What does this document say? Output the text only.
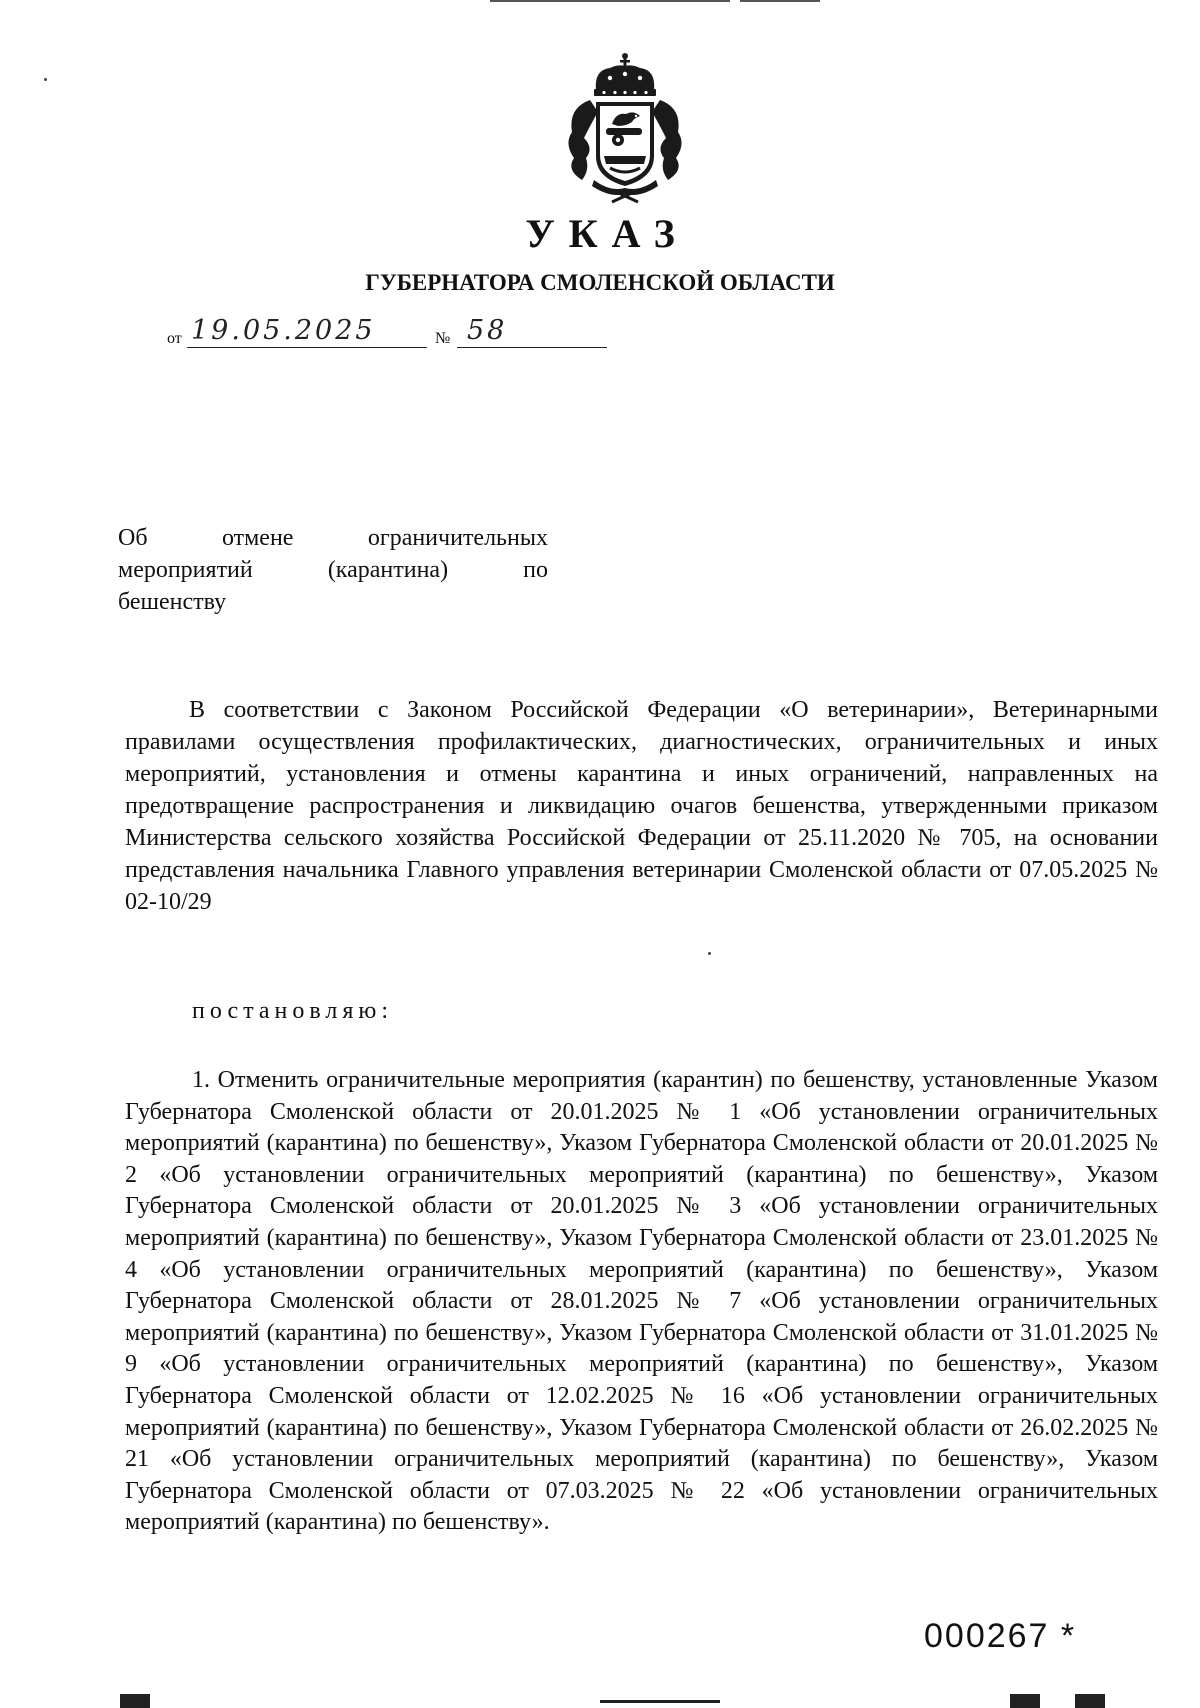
УКАЗ
ГУБЕРНАТОРА СМОЛЕНСКОЙ ОБЛАСТИ
от 19.05.2025	№ 58
Об	отмене	ограничительных
мероприятий	(карантина)	по
бешенству

В соответствии с Законом Российской Федерации «О ветеринарии», Ветеринарными правилами осуществления профилактических, диагностических, ограничительных и иных мероприятий, установления и отмены карантина и иных ограничений, направленных на предотвращение распространения и ликвидацию очагов бешенства, утвержденными приказом Министерства сельского хозяйства Российской Федерации от 25.11.2020 № 705, на основании представления начальника Главного управления ветеринарии Смоленской области от 07.05.2025 № 02-10/29

постановляю:

1. Отменить ограничительные мероприятия (карантин) по бешенству, установленные Указом Губернатора Смоленской области от 20.01.2025 № 1 «Об установлении ограничительных мероприятий (карантина) по бешенству», Указом Губернатора Смоленской области от 20.01.2025 № 2 «Об установлении ограничительных мероприятий (карантина) по бешенству», Указом Губернатора Смоленской области от 20.01.2025 № 3 «Об установлении ограничительных мероприятий (карантина) по бешенству», Указом Губернатора Смоленской области от 23.01.2025 № 4 «Об установлении ограничительных мероприятий (карантина) по бешенству», Указом Губернатора Смоленской области от 28.01.2025 № 7 «Об установлении ограничительных мероприятий (карантина) по бешенству», Указом Губернатора Смоленской области от 31.01.2025 № 9 «Об установлении ограничительных мероприятий (карантина) по бешенству», Указом Губернатора Смоленской области от 12.02.2025 № 16 «Об установлении ограничительных мероприятий (карантина) по бешенству», Указом Губернатора Смоленской области от 26.02.2025 № 21 «Об установлении ограничительных мероприятий (карантина) по бешенству», Указом Губернатора Смоленской области от 07.03.2025 № 22 «Об установлении ограничительных мероприятий (карантина) по бешенству».

000267 *
